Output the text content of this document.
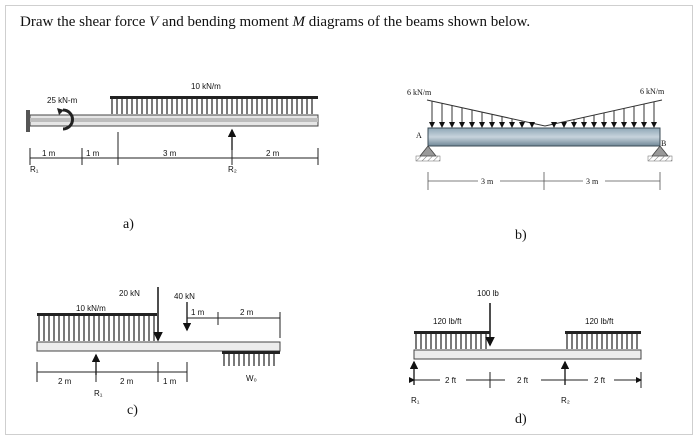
Draw the shear force V and bending moment M diagrams of the beams shown below.
25 kN-m
10 kN/m
1 m	1 m	3 m	2 m
R₁	R₂
a)
6 kN/m	6 kN/m
A
B
3 m	3 m
b)
10 kN/m
20 kN	40 kN
1 m	2 m
2 m	2 m	1 m
R₁
W₀
c)
100 lb
120 lb/ft	120 lb/ft
2 ft	2 ft	2 ft
R₁	R₂
d)
